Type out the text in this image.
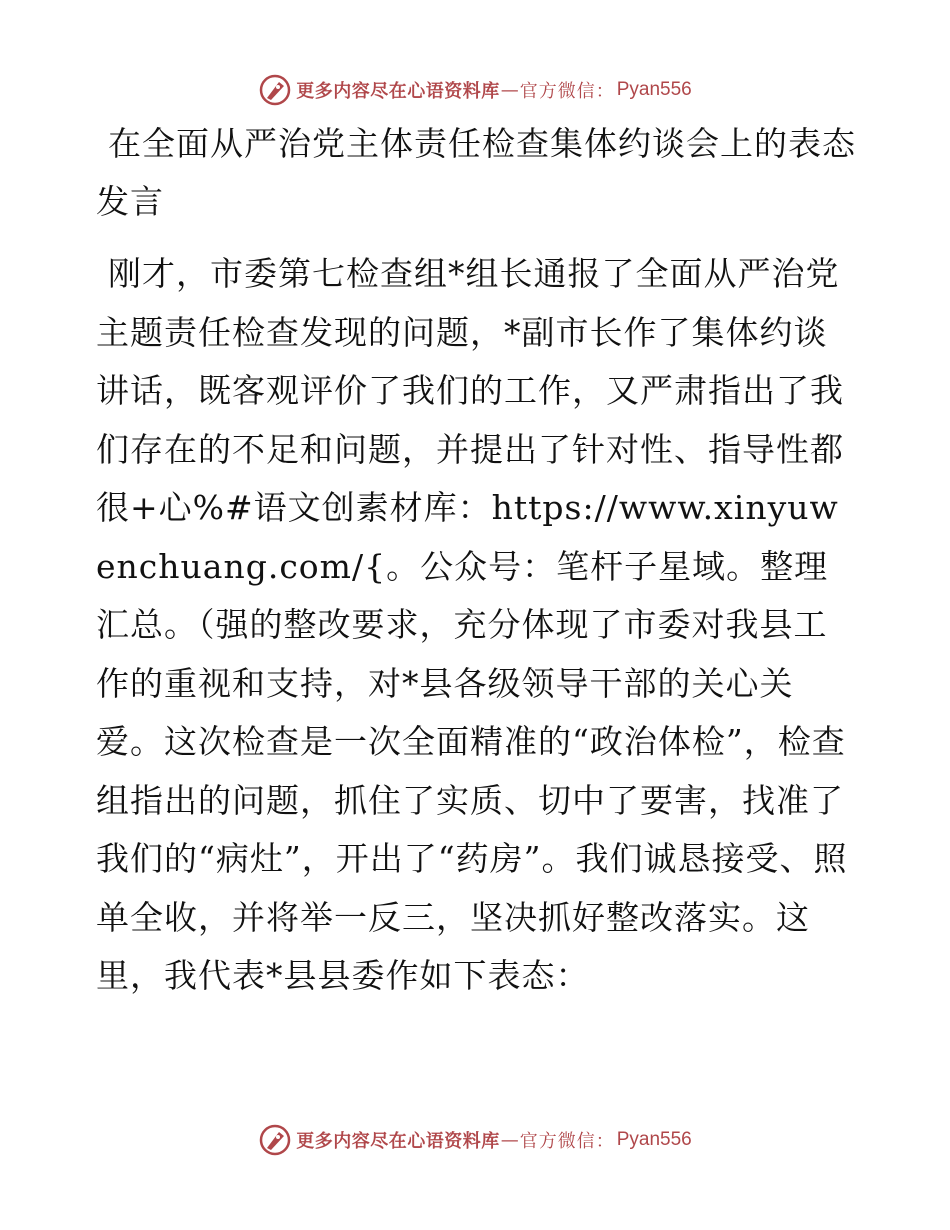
更多内容尽在心语资料库 — 官方微信： Pyan556
在全面从严治党主体责任检查集体约谈会上的表态发言

刚才，市委第七检查组*组长通报了全面从严治党主题责任检查发现的问题，*副市长作了集体约谈讲话，既客观评价了我们的工作，又严肃指出了我们存在的不足和问题，并提出了针对性、指导性都很+心%#语文创素材库：https://www.xinyuwenchuang.com/{。公众号：笔杆子星域。整理汇总。（强的整改要求，充分体现了市委对我县工作的重视和支持，对*县各级领导干部的关心关爱。这次检查是一次全面精准的“政治体检”，检查组指出的问题，抓住了实质、切中了要害，找准了我们的“病灶”，开出了“药房”。我们诚恳接受、照单全收，并将举一反三，坚决抓好整改落实。这里，我代表*县县委作如下表态：

更多内容尽在心语资料库 — 官方微信： Pyan556
